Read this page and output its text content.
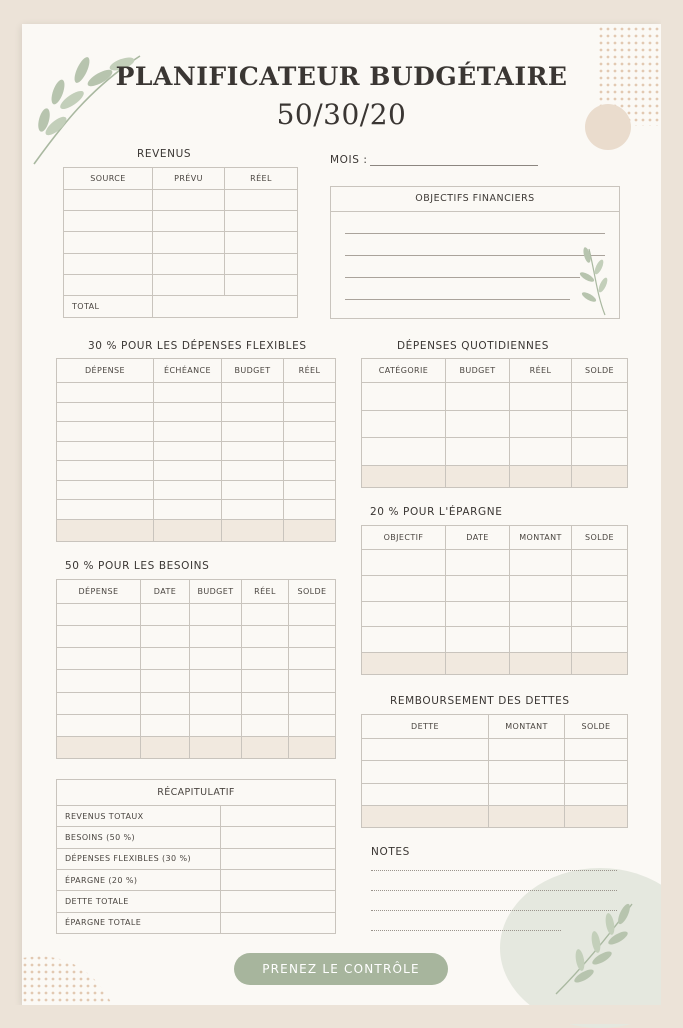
PLANIFICATEUR BUDGÉTAIRE
50/30/20
REVENUS
SOURCE	PRÉVU	RÉEL

TOTAL		
MOIS :
OBJECTIFS FINANCIERS
30 % POUR LES DÉPENSES FLEXIBLES
DÉPENSE	ÉCHÉANCE	BUDGET	RÉEL

DÉPENSES QUOTIDIENNES
CATÉGORIE	BUDGET	RÉEL	SOLDE

20 % POUR L'ÉPARGNE
OBJECTIF	DATE	MONTANT	SOLDE

50 % POUR LES BESOINS
DÉPENSE	DATE	BUDGET	RÉEL	SOLDE

REMBOURSEMENT DES DETTES
DETTE	MONTANT	SOLDE

RÉCAPITULATIF	
REVENUS TOTAUX	
BESOINS (50 %)	
DÉPENSES FLEXIBLES (30 %)	
ÉPARGNE (20 %)	
DETTE TOTALE	
ÉPARGNE TOTALE	
NOTES
PRENEZ LE CONTRÔLE
